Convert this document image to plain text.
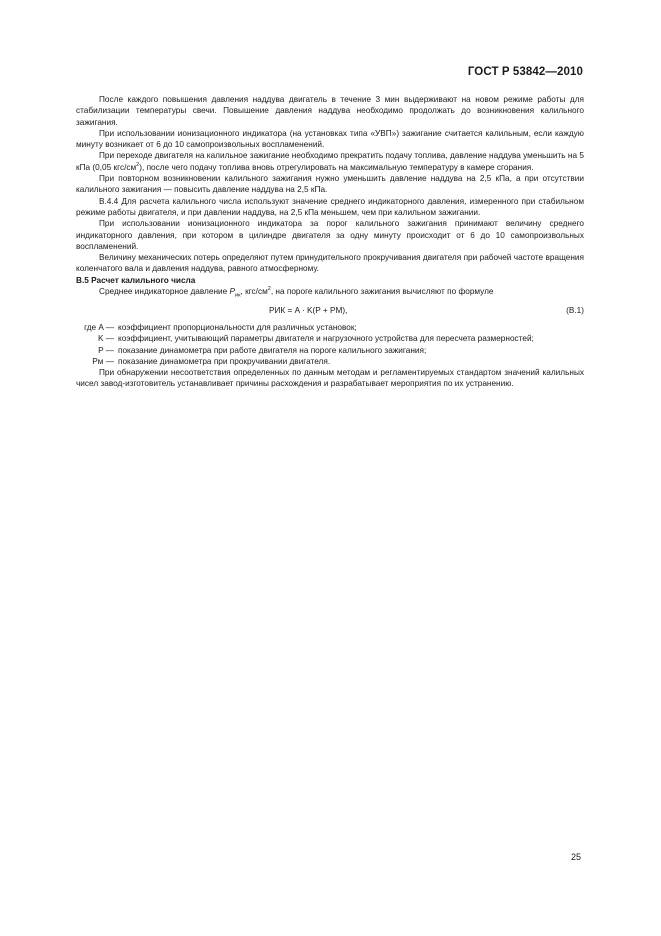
ГОСТ Р 53842—2010

После каждого повышения давления наддува двигатель в течение 3 мин выдерживают на новом режиме работы для стабилизации температуры свечи. Повышение давления наддува необходимо продолжать до возникновения калильного зажигания.

При использовании ионизационного индикатора (на установках типа «УВП») зажигание считается калильным, если каждую минуту возникает от 6 до 10 самопроизвольных воспламенений.

При переходе двигателя на калильное зажигание необходимо прекратить подачу топлива, давление наддува уменьшить на 5 кПа (0,05 кгс/$см^2$), после чего подачу топлива вновь отрегулировать на максимальную температуру в камере сгорания.

При повторном возникновении калильного зажигания нужно уменьшить давление наддува на 2,5 кПа, а при отсутствии калильного зажигания — повысить давление наддува на 2,5 кПа.

В.4.4 Для расчета калильного числа используют значение среднего индикаторного давления, измеренного при стабильном режиме работы двигателя, и при давлении наддува, на 2,5 кПа меньшем, чем при калильном зажигании.

При использовании ионизационного индикатора за порог калильного зажигания принимают величину среднего индикаторного давления, при котором в цилиндре двигателя за одну минуту происходит от 6 до 10 самопроизвольных воспламенений.

Величину механических потерь определяют путем принудительного прокручивания двигателя при рабочей частоте вращения коленчатого вала и давления наддува, равного атмосферному.

В.5 Расчет калильного числа

Среднее индикаторное давление $P_{ик}$, кгс/$см^2$, на пороге калильного зажигания вычисляют по формуле

PИК = A · K(P + PМ),	(В.1)
где A — коэффициент пропорциональности для различных установок;
K — коэффициент, учитывающий параметры двигателя и нагрузочного устройства для пересчета размерностей;
P — показание динамометра при работе двигателя на пороге калильного зажигания;
Pм — показание динамометра при прокручивании двигателя.

При обнаружении несоответствия определенных по данным методам и регламентируемых стандартом значений калильных чисел завод-изготовитель устанавливает причины расхождения и разрабатывает мероприятия по их устранению.

25
